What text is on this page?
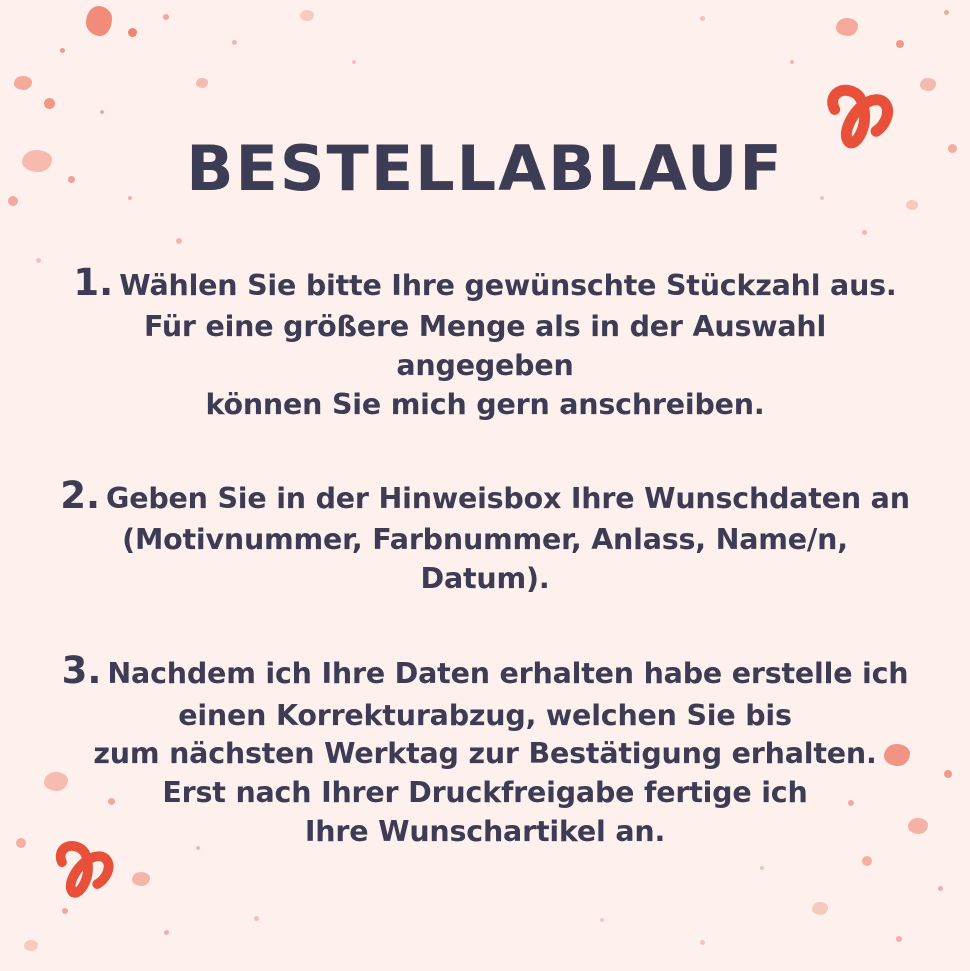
BESTELLABLAUF
1. Wählen Sie bitte Ihre gewünschte Stückzahl aus.
Für eine größere Menge als in der Auswahl angegeben
können Sie mich gern anschreiben.
2. Geben Sie in der Hinweisbox Ihre Wunschdaten an
(Motivnummer, Farbnummer, Anlass, Name/n, Datum).
3. Nachdem ich Ihre Daten erhalten habe erstelle ich
einen Korrekturabzug, welchen Sie bis
zum nächsten Werktag zur Bestätigung erhalten.
Erst nach Ihrer Druckfreigabe fertige ich
Ihre Wunschartikel an.
